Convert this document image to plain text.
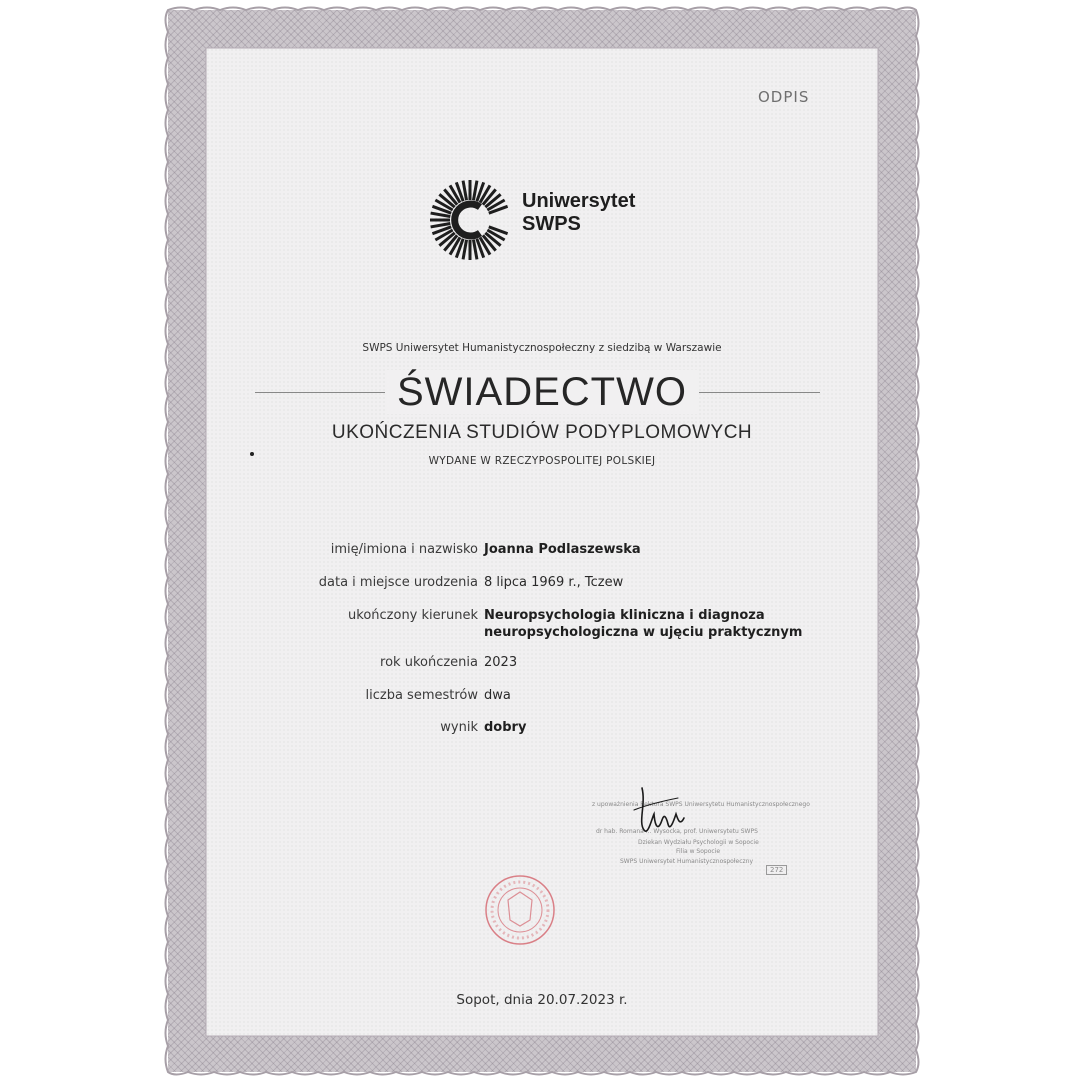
ODPIS
Uniwersytet
SWPS
SWPS Uniwersytet Humanistycznospołeczny z siedzibą w Warszawie
ŚWIADECTWO
UKOŃCZENIA STUDIÓW PODYPLOMOWYCH
WYDANE W RZECZYPOSPOLITEJ POLSKIEJ
imię/imiona i nazwisko Joanna Podlaszewska
data i miejsce urodzenia 8 lipca 1969 r., Tczew
ukończony kierunek Neuropsychologia kliniczna i diagnoza
neuropsychologiczna w ujęciu praktycznym
rok ukończenia 2023
liczba semestrów dwa
wynik dobry
z upoważnienia Rektora SWPS Uniwersytetu Humanistycznospołecznego
dr hab. Romana ... Wysocka, prof. Uniwersytetu SWPS
Dziekan Wydziału Psychologii w Sopocie
Filia w Sopocie
SWPS Uniwersytet Humanistycznospołeczny
272
Sopot, dnia 20.07.2023 r.
